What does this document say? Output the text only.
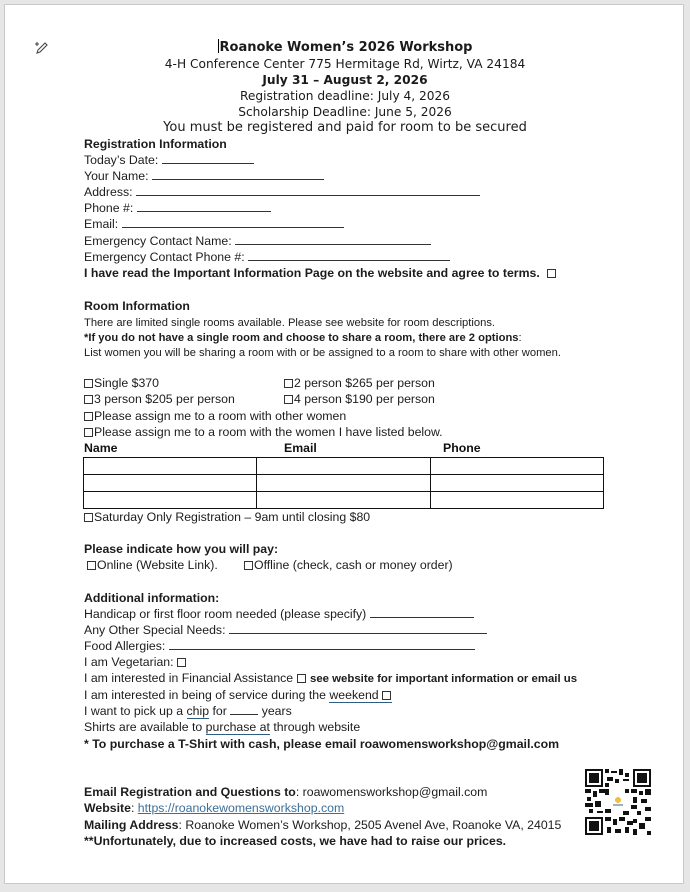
Roanoke Women’s 2026 Workshop
4-H Conference Center 775 Hermitage Rd, Wirtz, VA 24184
July 31 – August 2, 2026
Registration deadline: July 4, 2026
Scholarship Deadline: June 5, 2026
You must be registered and paid for room to be secured
Registration Information
Today’s Date:
Your Name:
Address:
Phone #:
Email:
Emergency Contact Name:
Emergency Contact Phone #:
I have read the Important Information Page on the website and agree to terms.
Room Information
There are limited single rooms available. Please see website for room descriptions.
*If you do not have a single room and choose to share a room, there are 2 options:
List women you will be sharing a room with or be assigned to a room to share with other women.
Single $370	2 person $265 per person
3 person $205 per person	4 person $190 per person
Please assign me to a room with other women
Please assign me to a room with the women I have listed below.
Name	Email	Phone

Saturday Only Registration – 9am until closing $80
Please indicate how you will pay:
Online (Website Link).	Offline (check, cash or money order)
Additional information:
Handicap or first floor room needed (please specify)
Any Other Special Needs:
Food Allergies:
I am Vegetarian:
I am interested in Financial Assistance see website for important information or email us
I am interested in being of service during the weekend
I want to pick up a chip for  years
Shirts are available to purchase at through website
* To purchase a T-Shirt with cash, please email roawomensworkshop@gmail.com
Email Registration and Questions to: roawomensworkshop@gmail.com
Website: https://roanokewomensworkshop.com
Mailing Address: Roanoke Women’s Workshop, 2505 Avenel Ave, Roanoke VA, 24015
**Unfortunately, due to increased costs, we have had to raise our prices.
